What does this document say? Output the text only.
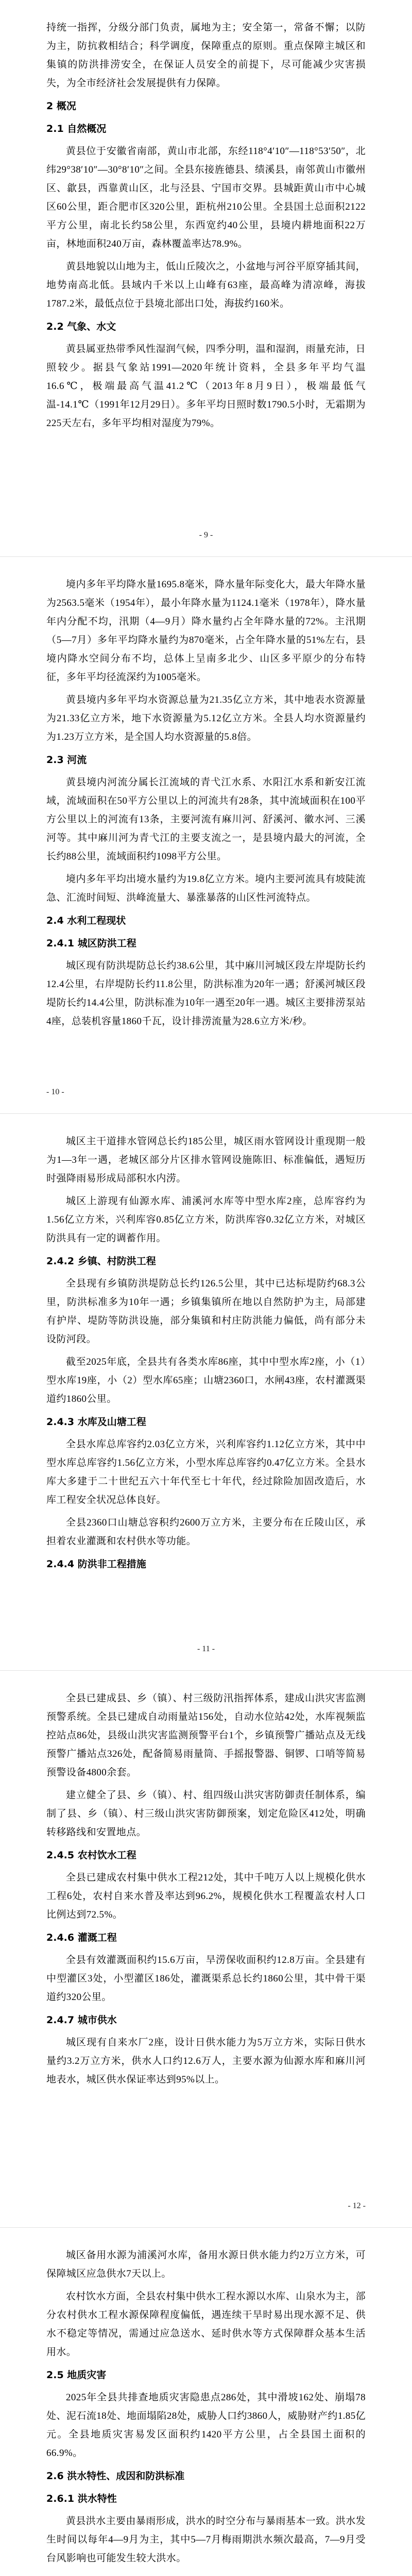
持统一指挥，分级分部门负责，属地为主；安全第一，常备不懈；以防为主，防抗救相结合；科学调度，保障重点的原则。重点保障主城区和集镇的防洪排涝安全，在保证人员安全的前提下，尽可能减少灾害损失，为全市经济社会发展提供有力保障。

2 概况
2.1 自然概况

黄县位于安徽省南部，黄山市北部，东经118°4′10″—118°53′50″，北纬29°38′10″—30°8′10″之间。全县东接旌德县、绩溪县，南邻黄山市徽州区、歙县，西靠黄山区，北与泾县、宁国市交界。县城距黄山市中心城区60公里，距合肥市区320公里，距杭州210公里。全县国土总面积2122平方公里，南北长约58公里，东西宽约40公里，县境内耕地面积22万亩，林地面积240万亩，森林覆盖率达78.9%。

黄县地貌以山地为主，低山丘陵次之，小盆地与河谷平原穿插其间，地势南高北低。县域内千米以上山峰有63座，最高峰为清凉峰，海拔1787.2米，最低点位于县境北部出口处，海拔约160米。

2.2 气象、水文

黄县属亚热带季风性湿润气候，四季分明，温和湿润，雨量充沛，日照较少。据县气象站1991—2020年统计资料，全县多年平均气温16.6℃，极端最高气温41.2℃（2013年8月9日），极端最低气温-14.1℃（1991年12月29日）。多年平均日照时数1790.5小时，无霜期为225天左右，多年平均相对湿度为79%。

- 9 -

境内多年平均降水量1695.8毫米，降水量年际变化大，最大年降水量为2563.5毫米（1954年），最小年降水量为1124.1毫米（1978年），降水量年内分配不均，汛期（4—9月）降水量约占全年降水量的72%。主汛期（5—7月）多年平均降水量约为870毫米，占全年降水量的51%左右，县境内降水空间分布不均，总体上呈南多北少、山区多平原少的分布特征，多年平均径流深约为1005毫米。

黄县境内多年平均水资源总量为21.35亿立方米，其中地表水资源量为21.33亿立方米，地下水资源量为5.12亿立方米。全县人均水资源量约为1.23万立方米，是全国人均水资源量的5.8倍。

2.3 河流

黄县境内河流分属长江流域的青弋江水系、水阳江水系和新安江流域，流域面积在50平方公里以上的河流共有28条，其中流域面积在100平方公里以上的河流有13条，主要河流有麻川河、舒溪河、徽水河、三溪河等。其中麻川河为青弋江的主要支流之一，是县境内最大的河流，全长约88公里，流域面积约1098平方公里。

境内多年平均出境水量约为19.8亿立方米。境内主要河流具有坡陡流急、汇流时间短、洪峰流量大、暴涨暴落的山区性河流特点。

2.4 水利工程现状
2.4.1 城区防洪工程

城区现有防洪堤防总长约38.6公里，其中麻川河城区段左岸堤防长约12.4公里，右岸堤防长约11.8公里，防洪标准为20年一遇；舒溪河城区段堤防长约14.4公里，防洪标准为10年一遇至20年一遇。城区主要排涝泵站4座，总装机容量1860千瓦，设计排涝流量为28.6立方米/秒。

- 10 -

城区主干道排水管网总长约185公里，城区雨水管网设计重现期一般为1—3年一遇，老城区部分片区排水管网设施陈旧、标准偏低，遇短历时强降雨易形成局部积水内涝。

城区上游现有仙源水库、浦溪河水库等中型水库2座，总库容约为1.56亿立方米，兴利库容0.85亿立方米，防洪库容0.32亿立方米，对城区防洪具有一定的调蓄作用。

2.4.2 乡镇、村防洪工程

全县现有乡镇防洪堤防总长约126.5公里，其中已达标堤防约68.3公里，防洪标准多为10年一遇；乡镇集镇所在地以自然防护为主，局部建有护岸、堤防等防洪设施，部分集镇和村庄防洪能力偏低，尚有部分未设防河段。

截至2025年底，全县共有各类水库86座，其中中型水库2座，小（1）型水库19座，小（2）型水库65座；山塘2360口，水闸43座，农村灌溉渠道约1860公里。

2.4.3 水库及山塘工程

全县水库总库容约2.03亿立方米，兴利库容约1.12亿立方米，其中中型水库总库容约1.56亿立方米，小型水库总库容约0.47亿立方米。全县水库大多建于二十世纪五六十年代至七十年代，经过除险加固改造后，水库工程安全状况总体良好。

全县2360口山塘总容积约2600万立方米，主要分布在丘陵山区，承担着农业灌溉和农村供水等功能。

2.4.4 防洪非工程措施
- 11 -

全县已建成县、乡（镇）、村三级防汛指挥体系，建成山洪灾害监测预警系统。全县已建成自动雨量站156处，自动水位站42处，水库视频监控站点86处，县级山洪灾害监测预警平台1个，乡镇预警广播站点及无线预警广播站点326处，配备简易雨量筒、手摇报警器、铜锣、口哨等简易预警设备4800余套。

建立健全了县、乡（镇）、村、组四级山洪灾害防御责任制体系，编制了县、乡（镇）、村三级山洪灾害防御预案，划定危险区412处，明确转移路线和安置地点。

2.4.5 农村饮水工程

全县已建成农村集中供水工程212处，其中千吨万人以上规模化供水工程6处，农村自来水普及率达到96.2%，规模化供水工程覆盖农村人口比例达到72.5%。

2.4.6 灌溉工程

全县有效灌溉面积约15.6万亩，旱涝保收面积约12.8万亩。全县建有中型灌区3处，小型灌区186处，灌溉渠系总长约1860公里，其中骨干渠道约320公里。

2.4.7 城市供水

城区现有自来水厂2座，设计日供水能力为5万立方米，实际日供水量约3.2万立方米，供水人口约12.6万人，主要水源为仙源水库和麻川河地表水，城区供水保证率达到95%以上。

- 12 -

城区备用水源为浦溪河水库，备用水源日供水能力约2万立方米，可保障城区应急供水7天以上。

农村饮水方面，全县农村集中供水工程水源以水库、山泉水为主，部分农村供水工程水源保障程度偏低，遇连续干旱时易出现水源不足、供水不稳定等情况，需通过应急送水、延时供水等方式保障群众基本生活用水。

2.5 地质灾害

2025年全县共排查地质灾害隐患点286处，其中滑坡162处、崩塌78处、泥石流18处、地面塌陷28处，威胁人口约3860人，威胁财产约1.85亿元。全县地质灾害易发区面积约1420平方公里，占全县国土面积的66.9%。

2.6 洪水特性、成因和防洪标准
2.6.1 洪水特性

黄县洪水主要由暴雨形成，洪水的时空分布与暴雨基本一致。洪水发生时间以每年4—9月为主，其中5—7月梅雨期洪水频次最高，7—9月受台风影响也可能发生较大洪水。
